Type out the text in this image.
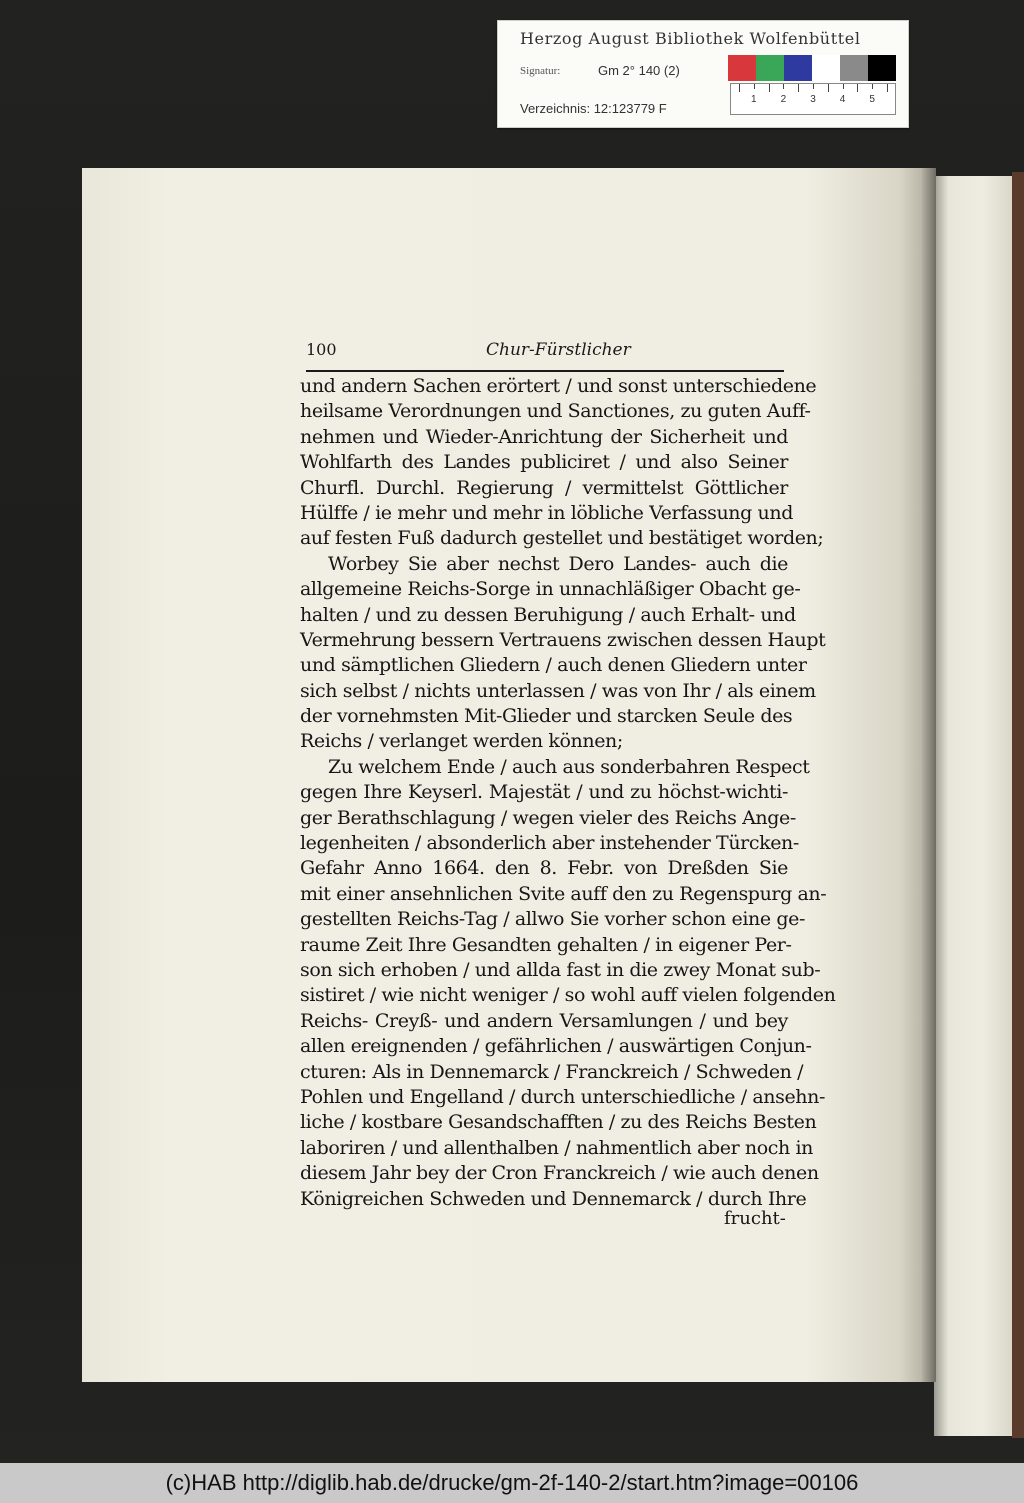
Herzog August Bibliothek Wolfenbüttel
Signatur:	Gm 2° 140 (2)
Verzeichnis: 12:123779 F
1 2 3 4 5
100	Chur-Fürstlicher
und andern Sachen erörtert / und sonst unterschiedene
heilsame Verordnungen und Sanctiones, zu guten Auff-
nehmen und Wieder-Anrichtung der Sicherheit und
Wohlfarth des Landes publiciret / und also Seiner
Churfl. Durchl. Regierung / vermittelst Göttlicher
Hülffe / ie mehr und mehr in löbliche Verfassung und
auf festen Fuß dadurch gestellet und bestätiget worden;
Worbey Sie aber nechst Dero Landes- auch die
allgemeine Reichs-Sorge in unnachläßiger Obacht ge-
halten / und zu dessen Beruhigung / auch Erhalt- und
Vermehrung bessern Vertrauens zwischen dessen Haupt
und sämptlichen Gliedern / auch denen Gliedern unter
sich selbst / nichts unterlassen / was von Ihr / als einem
der vornehmsten Mit-Glieder und starcken Seule des
Reichs / verlanget werden können;
Zu welchem Ende / auch aus sonderbahren Respect
gegen Ihre Keyserl. Majestät / und zu höchst-wichti-
ger Berathschlagung / wegen vieler des Reichs Ange-
legenheiten / absonderlich aber instehender Türcken-
Gefahr Anno 1664. den 8. Febr. von Dreßden Sie
mit einer ansehnlichen Svite auff den zu Regenspurg an-
gestellten Reichs-Tag / allwo Sie vorher schon eine ge-
raume Zeit Ihre Gesandten gehalten / in eigener Per-
son sich erhoben / und allda fast in die zwey Monat sub-
sistiret / wie nicht weniger / so wohl auff vielen folgenden
Reichs- Creyß- und andern Versamlungen / und bey
allen ereignenden / gefährlichen / auswärtigen Conjun-
cturen: Als in Dennemarck / Franckreich / Schweden /
Pohlen und Engelland / durch unterschiedliche / ansehn-
liche / kostbare Gesandschafften / zu des Reichs Besten
laboriren / und allenthalben / nahmentlich aber noch in
diesem Jahr bey der Cron Franckreich / wie auch denen
Königreichen Schweden und Dennemarck / durch Ihre
frucht-
(c)HAB http://diglib.hab.de/drucke/gm-2f-140-2/start.htm?image=00106
